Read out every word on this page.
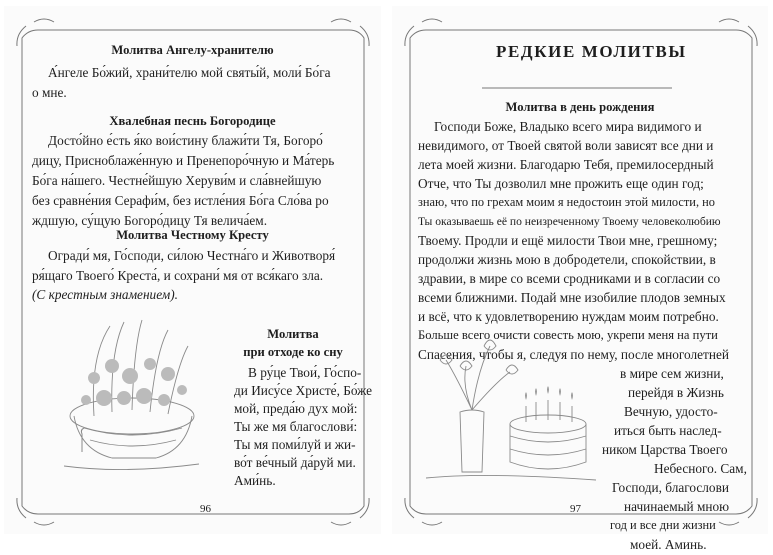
Молитва Ангелу-хранителю
А́нгеле Бо́жий, храни́телю мой святы́й, моли́ Бо́га
о мне.
Хвалебная песнь Богородице
Досто́йно е́сть я́ко вои́стину блажи́ти Тя, Богоро́
дицу, Присноблаже́нную и Пренепоро́чную и Ма́терь
Бо́га на́шего. Честне́йшую Херуви́м и сла́внейшую
без сравне́ния Серафи́м, без истле́ния Бо́га Сло́ва ро
ждшую, су́щую Богоро́дицу Тя велича́ем.
Молитва Честному Кресту
Огради́ мя, Го́споди, си́лою Честна́го и Животворя́
ря́щаго Твоего́ Креста́, и сохрани́ мя от вся́каго зла.
(С крестным знамением).
Молитва
при отходе ко сну
В ру́це Твои́, Го́спо-
ди Иису́се Христе́, Бо́же
мой, преда́ю дух мой:
Ты же мя благослови́:
Ты мя поми́луй и жи-
во́т ве́чный да́руй ми.
Ами́нь.
96
РЕДКИЕ МОЛИТВЫ
Молитва в день рождения
Господи Боже, Владыко всего мира видимого и
невидимого, от Твоей святой воли зависят все дни и
лета моей жизни. Благодарю Тебя, премилосердный
Отче, что Ты дозволил мне прожить еще один год;
знаю, что по грехам моим я недостоин этой милости, но
Ты оказываешь её по неизреченному Твоему человеколюбию
Твоему. Продли и ещё милости Твои мне, грешному;
продолжи жизнь мою в добродетели, спокойствии, в
здравии, в мире со всеми сродниками и в согласии со
всеми ближними. Подай мне изобилие плодов земных
и всё, что к удовлетворению нуждам моим потребно.
Больше всего очисти совесть мою, укрепи меня на пути
Спасения, чтобы я, следуя по нему, после многолетней
в мире сем жизни,
перейдя в Жизнь
Вечную, удосто-
иться быть наслед-
ником Царства Твоего
Небесного. Сам,
Господи, благослови
начинаемый мною
год и все дни жизни
моей. Аминь.
97
